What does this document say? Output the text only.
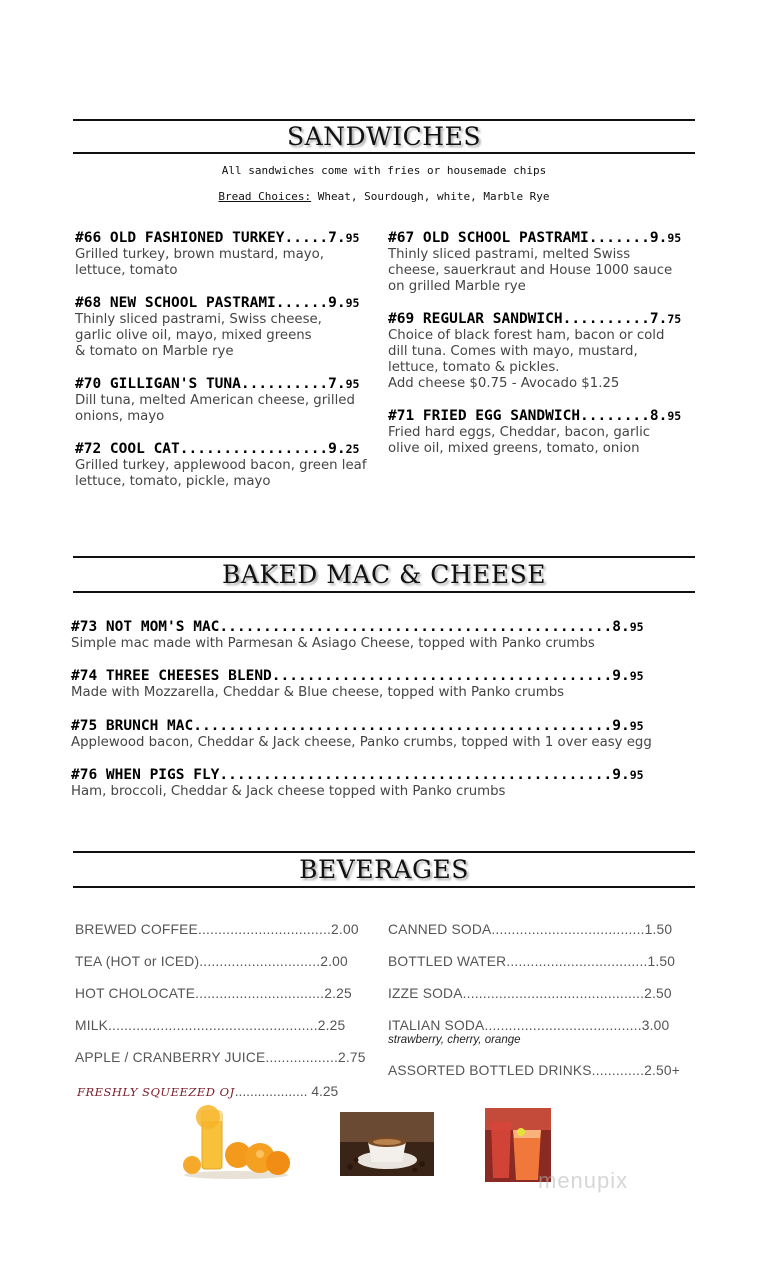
SANDWICHES
All sandwiches come with fries or housemade chips
Bread Choices: Wheat, Sourdough, white, Marble Rye
#66 OLD FASHIONED TURKEY.....7.95
Grilled turkey, brown mustard, mayo,
lettuce, tomato
#67 OLD SCHOOL PASTRAMI.......9.95
Thinly sliced pastrami, melted Swiss
cheese, sauerkraut and House 1000 sauce
on grilled Marble rye
#68 NEW SCHOOL PASTRAMI......9.95
Thinly sliced pastrami, Swiss cheese,
garlic olive oil, mayo, mixed greens
& tomato on Marble rye
#69 REGULAR SANDWICH..........7.75
Choice of black forest ham, bacon or cold
dill tuna. Comes with mayo, mustard,
lettuce, tomato & pickles.
Add cheese $0.75 - Avocado $1.25
#70 GILLIGAN'S TUNA..........7.95
Dill tuna, melted American cheese, grilled
onions, mayo	#71 FRIED EGG SANDWICH........8.95
Fried hard eggs, Cheddar, bacon, garlic
olive oil, mixed greens, tomato, onion
#72 COOL CAT.................9.25
Grilled turkey, applewood bacon, green leaf
lettuce, tomato, pickle, mayo
BAKED MAC & CHEESE
#73 NOT MOM'S MAC.............................................8.95
Simple mac made with Parmesan & Asiago Cheese, topped with Panko crumbs
#74 THREE CHEESES BLEND.......................................9.95
Made with Mozzarella, Cheddar & Blue cheese, topped with Panko crumbs
#75 BRUNCH MAC................................................9.95
Applewood bacon, Cheddar & Jack cheese, Panko crumbs, topped with 1 over easy egg
#76 WHEN PIGS FLY.............................................9.95
Ham, broccoli, Cheddar & Jack cheese topped with Panko crumbs
BEVERAGES
BREWED COFFEE.................................2.00
TEA (HOT or ICED)..............................2.00
HOT CHOLOCATE................................2.25
MILK....................................................2.25
APPLE / CRANBERRY JUICE..................2.75
FRESHLY SQUEEZED OJ................... 4.25
CANNED SODA......................................1.50
BOTTLED WATER...................................1.50
IZZE SODA.............................................2.50
ITALIAN SODA.......................................3.00
strawberry, cherry, orange
ASSORTED BOTTLED DRINKS.............2.50+
menupix
